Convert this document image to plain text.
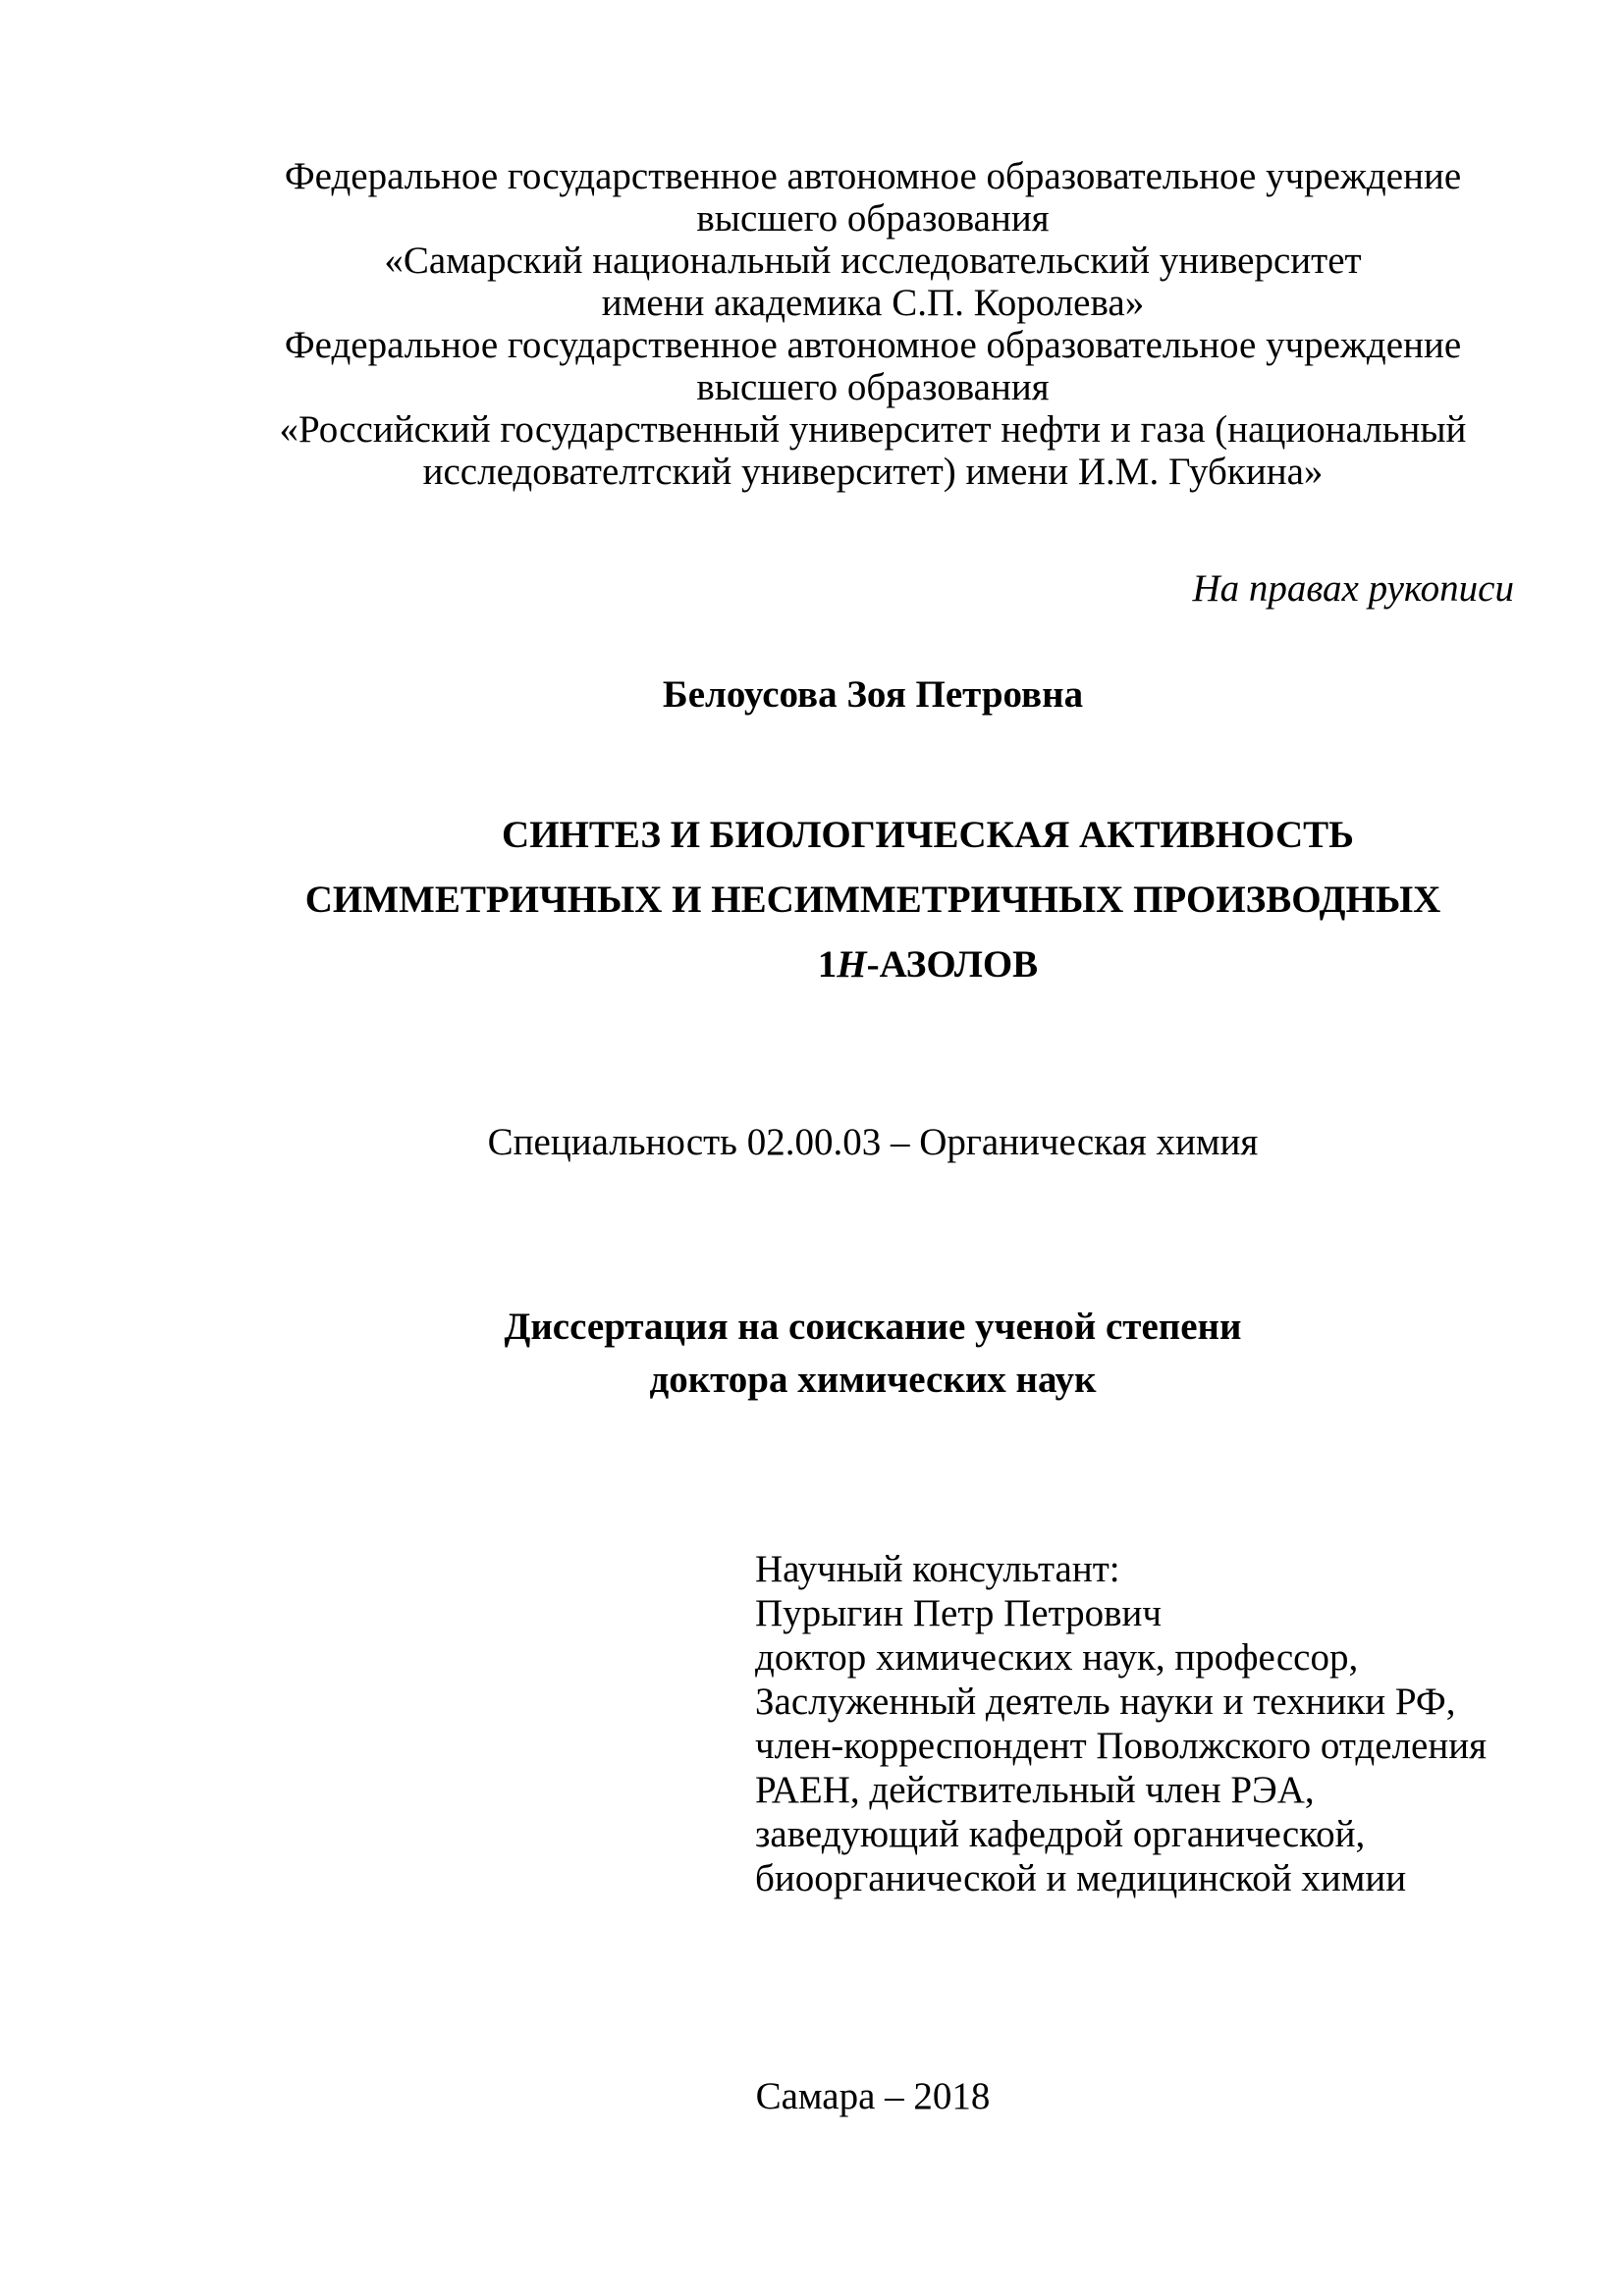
Федеральное государственное автономное образовательное учреждение
высшего образования
«Самарский национальный исследовательский университет
имени академика С.П. Королева»
Федеральное государственное автономное образовательное учреждение
высшего образования
«Российский государственный университет нефти и газа (национальный
исследователтский университет) имени И.М. Губкина»
На правах рукописи
Белоусова Зоя Петровна
СИНТЕЗ И БИОЛОГИЧЕСКАЯ АКТИВНОСТЬ
СИММЕТРИЧНЫХ И НЕСИММЕТРИЧНЫХ ПРОИЗВОДНЫХ
1H-АЗОЛОВ
Специальность 02.00.03 – Органическая химия
Диссертация на соискание ученой степени
доктора химических наук
Научный консультант:
Пурыгин Петр Петрович
доктор химических наук, профессор,
Заслуженный деятель науки и техники РФ,
член-корреспондент Поволжского отделения
РАЕН, действительный член РЭА,
заведующий кафедрой органической,
биоорганической и медицинской химии
Самара – 2018
